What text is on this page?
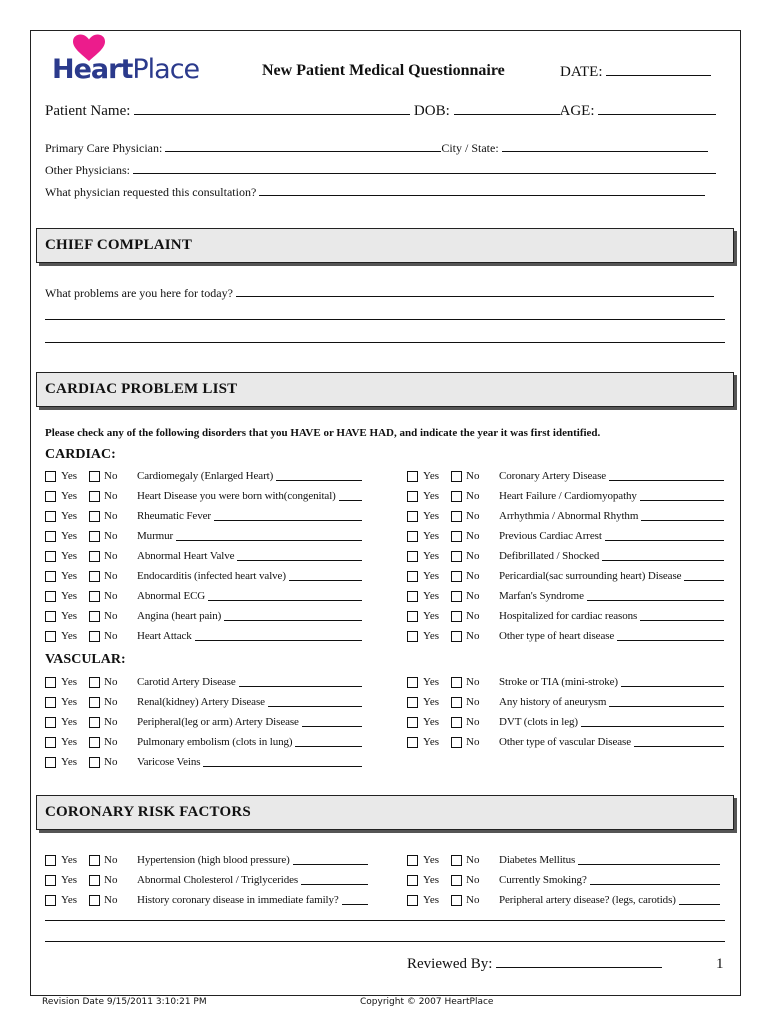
HeartPlace	New Patient Medical Questionnaire	DATE:
Patient Name:	DOB:	AGE:
Primary Care Physician:	City / State:
Other Physicians:
What physician requested this consultation?
CHIEF COMPLAINT
What problems are you here for today?
CARDIAC PROBLEM LIST
Please check any of the following disorders that you HAVE or HAVE HAD, and indicate the year it was first identified.
CARDIAC:
Yes No Cardiomegaly (Enlarged Heart)
Yes No Heart Disease you were born with(congenital)
Yes No Rheumatic Fever
Yes No Murmur
Yes No Abnormal Heart Valve
Yes No Endocarditis (infected heart valve)
Yes No Abnormal ECG
Yes No Angina (heart pain)
Yes No Heart Attack
Yes No Coronary Artery Disease
Yes No Heart Failure / Cardiomyopathy
Yes No Arrhythmia / Abnormal Rhythm
Yes No Previous Cardiac Arrest
Yes No Defibrillated / Shocked
Yes No Pericardial(sac surrounding heart) Disease
Yes No Marfan's Syndrome
Yes No Hospitalized for cardiac reasons
Yes No Other type of heart disease
VASCULAR:
Yes No Carotid Artery Disease
Yes No Renal(kidney) Artery Disease
Yes No Peripheral(leg or arm) Artery Disease
Yes No Pulmonary embolism (clots in lung)
Yes No Varicose Veins
Yes No Stroke or TIA (mini-stroke)
Yes No Any history of aneurysm
Yes No DVT (clots in leg)
Yes No Other type of vascular Disease
CORONARY RISK FACTORS
Yes No Hypertension (high blood pressure)
Yes No Abnormal Cholesterol / Triglycerides
Yes No History coronary disease in immediate family?
Yes No Diabetes Mellitus
Yes No Currently Smoking?
Yes No Peripheral artery disease? (legs, carotids)
Reviewed By:	1
Revision Date 9/15/2011 3:10:21 PM	Copyright © 2007 HeartPlace
